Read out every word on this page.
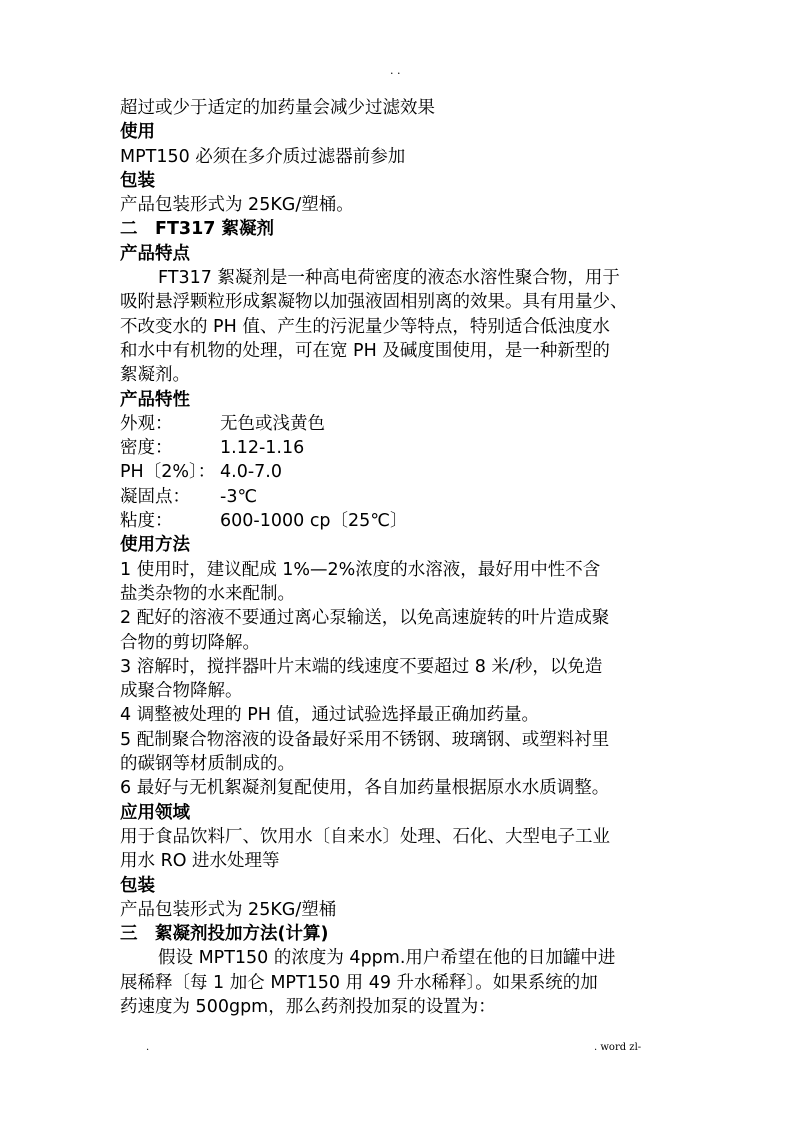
. .
超过或少于适定的加药量会减少过滤效果
使用
MPT150 必须在多介质过滤器前参加
包装
产品包装形式为 25KG/塑桶。
二　FT317 絮凝剂
产品特点
FT317 絮凝剂是一种高电荷密度的液态水溶性聚合物，用于
吸附悬浮颗粒形成絮凝物以加强液固相别离的效果。具有用量少、
不改变水的 PH 值、产生的污泥量少等特点，特别适合低浊度水
和水中有机物的处理，可在宽 PH 及碱度围使用，是一种新型的
絮凝剂。
产品特性
外观：	无色或浅黄色
密度：	1.12-1.16
PH〔2%〕： 4.0-7.0
凝固点：	-3℃
粘度：	600-1000 cp〔25℃〕
使用方法
1 使用时，建议配成 1%—2%浓度的水溶液，最好用中性不含
盐类杂物的水来配制。
2 配好的溶液不要通过离心泵输送，以免高速旋转的叶片造成聚
合物的剪切降解。
3 溶解时，搅拌器叶片末端的线速度不要超过 8 米/秒，以免造
成聚合物降解。
4 调整被处理的 PH 值，通过试验选择最正确加药量。
5 配制聚合物溶液的设备最好采用不锈钢、玻璃钢、或塑料衬里
的碳钢等材质制成的。
6 最好与无机絮凝剂复配使用，各自加药量根据原水水质调整。
应用领域
用于食品饮料厂、饮用水〔自来水〕处理、石化、大型电子工业
用水 RO 进水处理等
包装
产品包装形式为 25KG/塑桶
三　絮凝剂投加方法(计算)
假设 MPT150 的浓度为 4ppm.用户希望在他的日加罐中进
展稀释〔每 1 加仑 MPT150 用 49 升水稀释〕。如果系统的加
药速度为 500gpm，那么药剂投加泵的设置为：
.	. word zl-
